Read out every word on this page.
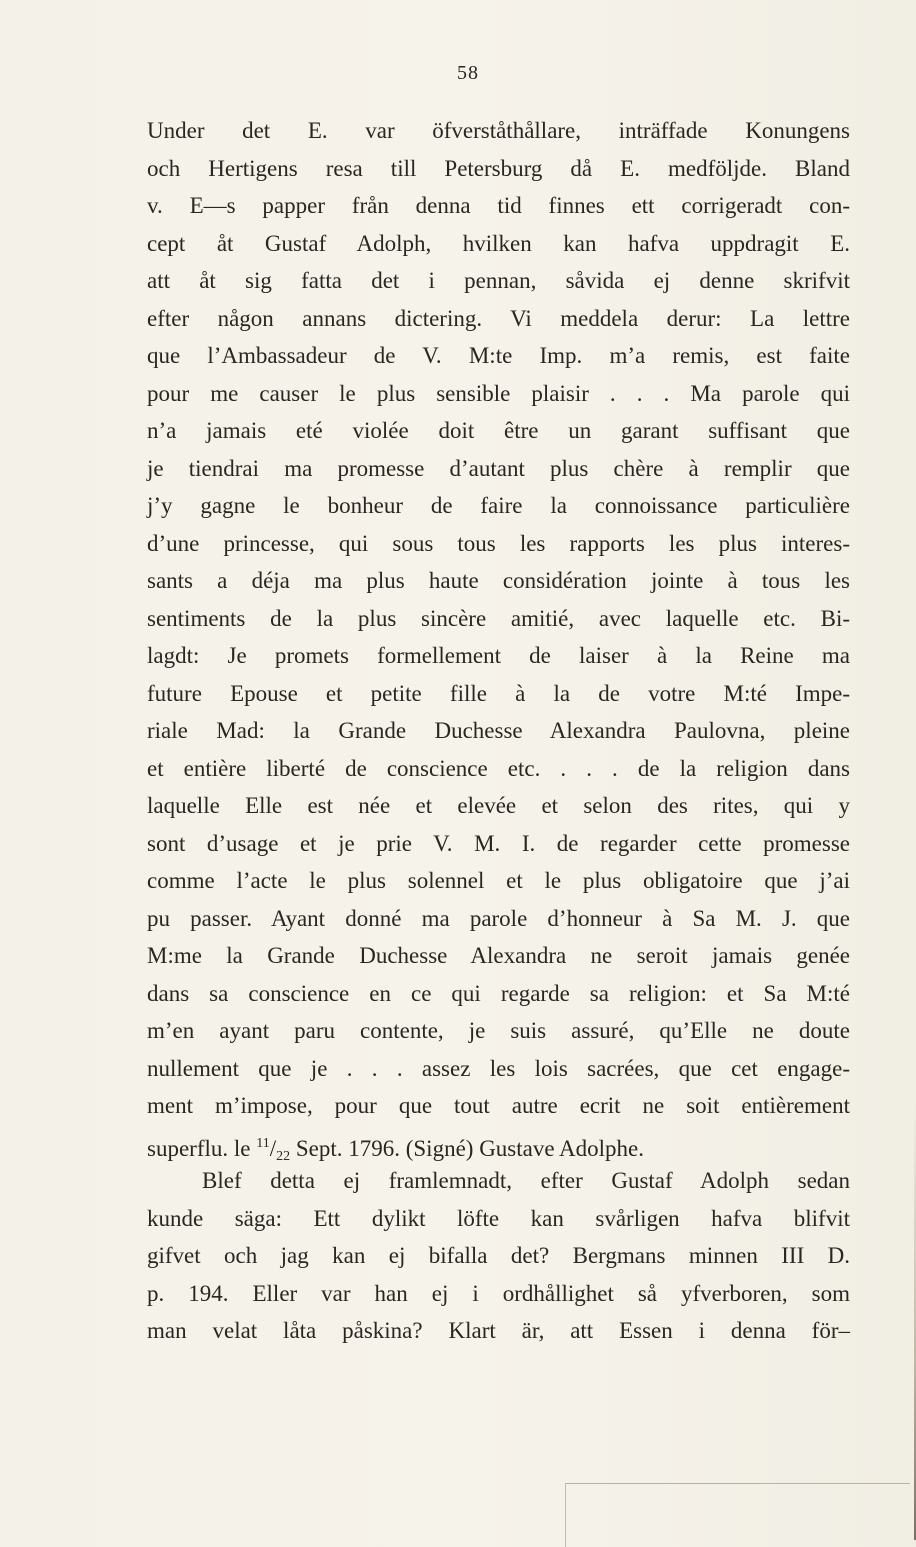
58
Under det E. var öfverståthållare, inträffade Konungens
och Hertigens resa till Petersburg då E. medföljde. Bland
v. E—s papper från denna tid finnes ett corrigeradt con-
cept åt Gustaf Adolph, hvilken kan hafva uppdragit E.
att åt sig fatta det i pennan, såvida ej denne skrifvit
efter någon annans dictering. Vi meddela derur: La lettre
que l’Ambassadeur de V. M:te Imp. m’a remis, est faite
pour me causer le plus sensible plaisir . . . Ma parole qui
n’a jamais eté violée doit être un garant suffisant que
je tiendrai ma promesse d’autant plus chère à remplir que
j’y gagne le bonheur de faire la connoissance particulière
d’une princesse, qui sous tous les rapports les plus interes-
sants a déja ma plus haute considération jointe à tous les
sentiments de la plus sincère amitié, avec laquelle etc. Bi-
lagdt: Je promets formellement de laiser à la Reine ma
future Epouse et petite fille à la de votre M:té Impe-
riale Mad: la Grande Duchesse Alexandra Paulovna, pleine
et entière liberté de conscience etc. . . . de la religion dans
laquelle Elle est née et elevée et selon des rites, qui y
sont d’usage et je prie V. M. I. de regarder cette promesse
comme l’acte le plus solennel et le plus obligatoire que j’ai
pu passer. Ayant donné ma parole d’honneur à Sa M. J. que
M:me la Grande Duchesse Alexandra ne seroit jamais genée
dans sa conscience en ce qui regarde sa religion: et Sa M:té
m’en ayant paru contente, je suis assuré, qu’Elle ne doute
nullement que je . . . assez les lois sacrées, que cet engage-
ment m’impose, pour que tout autre ecrit ne soit entièrement
superflu. le $^{11}$/22 Sept. 1796. (Signé) Gustave Adolphe.
Blef detta ej framlemnadt, efter Gustaf Adolph sedan
kunde säga: Ett dylikt löfte kan svårligen hafva blifvit
gifvet och jag kan ej bifalla det? Bergmans minnen III D.
p. 194. Eller var han ej i ordhållighet så yfverboren, som
man velat låta påskina? Klart är, att Essen i denna för–
